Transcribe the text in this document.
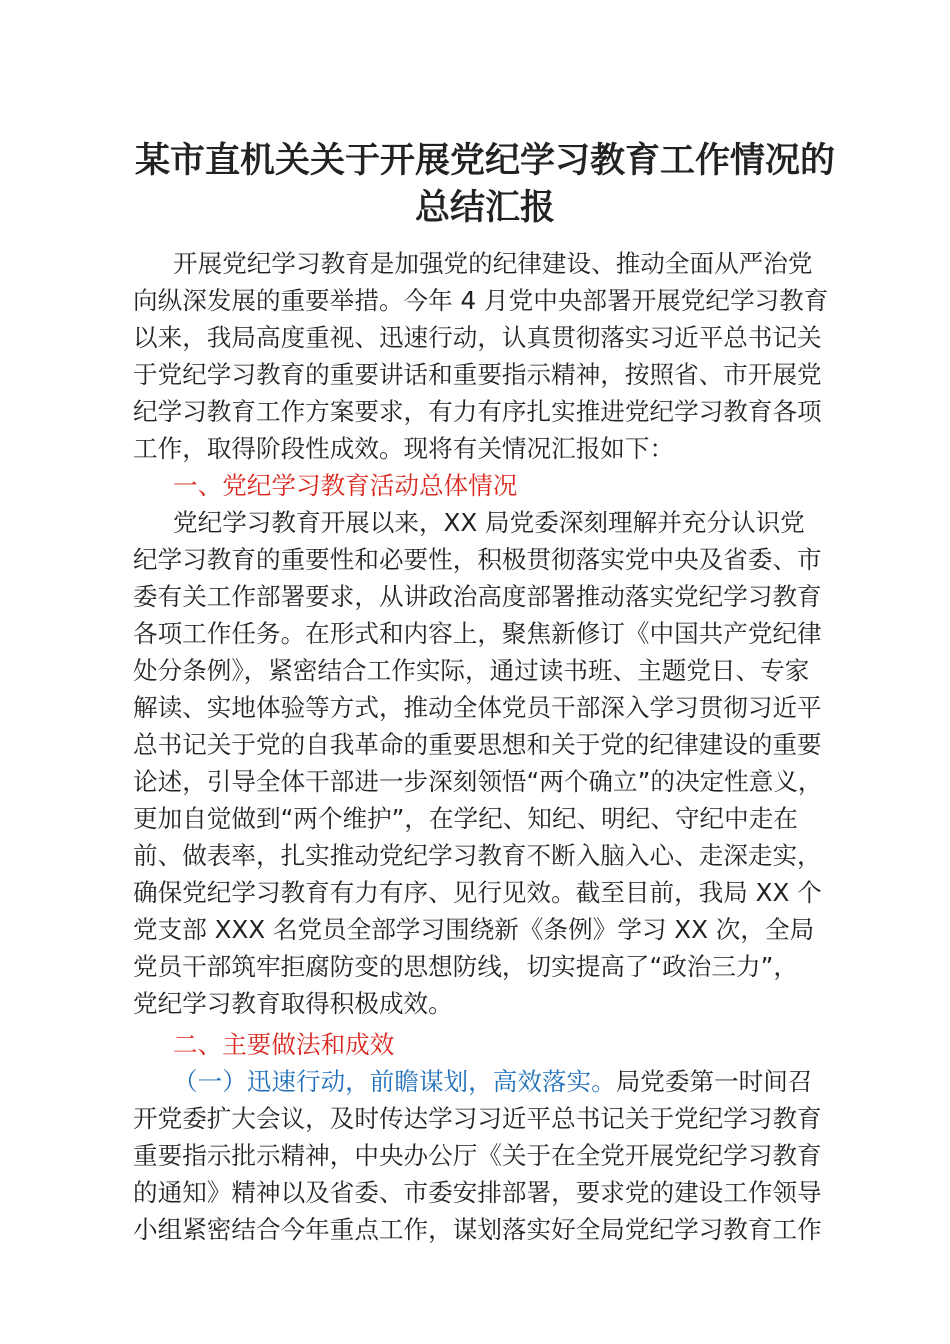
某市直机关关于开展党纪学习教育工作情况的
总结汇报

开展党纪学习教育是加强党的纪律建设、推动全面从严治党
向纵深发展的重要举措。今年 4 月党中央部署开展党纪学习教育
以来，我局高度重视、迅速行动，认真贯彻落实习近平总书记关
于党纪学习教育的重要讲话和重要指示精神，按照省、市开展党
纪学习教育工作方案要求，有力有序扎实推进党纪学习教育各项
工作，取得阶段性成效。现将有关情况汇报如下：

一、党纪学习教育活动总体情况

党纪学习教育开展以来，XX 局党委深刻理解并充分认识党
纪学习教育的重要性和必要性，积极贯彻落实党中央及省委、市
委有关工作部署要求，从讲政治高度部署推动落实党纪学习教育
各项工作任务。在形式和内容上，聚焦新修订《中国共产党纪律
处分条例》，紧密结合工作实际，通过读书班、主题党日、专家
解读、实地体验等方式，推动全体党员干部深入学习贯彻习近平
总书记关于党的自我革命的重要思想和关于党的纪律建设的重要
论述，引导全体干部进一步深刻领悟“两个确立”的决定性意义，
更加自觉做到“两个维护”，在学纪、知纪、明纪、守纪中走在
前、做表率，扎实推动党纪学习教育不断入脑入心、走深走实，
确保党纪学习教育有力有序、见行见效。截至目前，我局 XX 个
党支部 XXX 名党员全部学习围绕新《条例》学习 XX 次，全局
党员干部筑牢拒腐防变的思想防线，切实提高了“政治三力”，
党纪学习教育取得积极成效。

二、主要做法和成效

（一）迅速行动，前瞻谋划，高效落实。局党委第一时间召
开党委扩大会议，及时传达学习习近平总书记关于党纪学习教育
重要指示批示精神，中央办公厅《关于在全党开展党纪学习教育
的通知》精神以及省委、市委安排部署，要求党的建设工作领导
小组紧密结合今年重点工作，谋划落实好全局党纪学习教育工作
